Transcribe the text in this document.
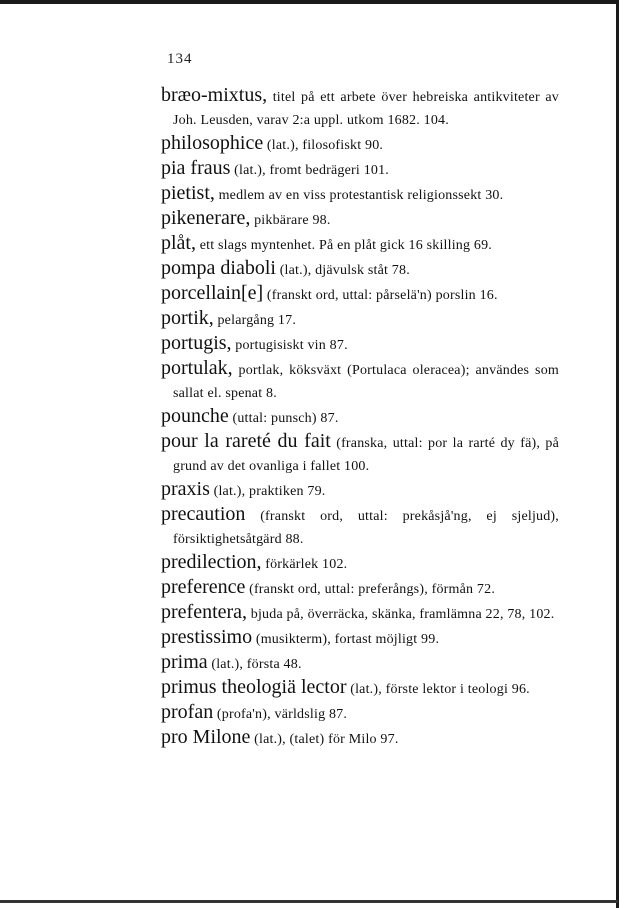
134
bræo-mixtus, titel på ett arbete över hebreiska antikviteter av Joh. Leusden, varav 2:a uppl. utkom 1682. 104.
philosophice (lat.), filosofiskt 90.
pia fraus (lat.), fromt bedrägeri 101.
pietist, medlem av en viss protestantisk religionssekt 30.
pikenerare, pikbärare 98.
plåt, ett slags myntenhet. På en plåt gick 16 skilling 69.
pompa diaboli (lat.), djävulsk ståt 78.
porcellain[e] (franskt ord, uttal: pårselä'n) porslin 16.
portik, pelargång 17.
portugis, portugisiskt vin 87.
portulak, portlak, köksväxt (Portulaca oleracea); användes som sallat el. spenat 8.
pounche (uttal: punsch) 87.
pour la rareté du fait (franska, uttal: por la rarté dy fä), på grund av det ovanliga i fallet 100.
praxis (lat.), praktiken 79.
precaution (franskt ord, uttal: prekåsjå'ng, ej sjeljud), försiktighetsåtgärd 88.
predilection, förkärlek 102.
preference (franskt ord, uttal: preferångs), förmån 72.
prefentera, bjuda på, överräcka, skänka, framlämna 22, 78, 102.
prestissimo (musikterm), fortast möjligt 99.
prima (lat.), första 48.
primus theologiä lector (lat.), förste lektor i teologi 96.
profan (profa'n), världslig 87.
pro Milone (lat.), (talet) för Milo 97.
